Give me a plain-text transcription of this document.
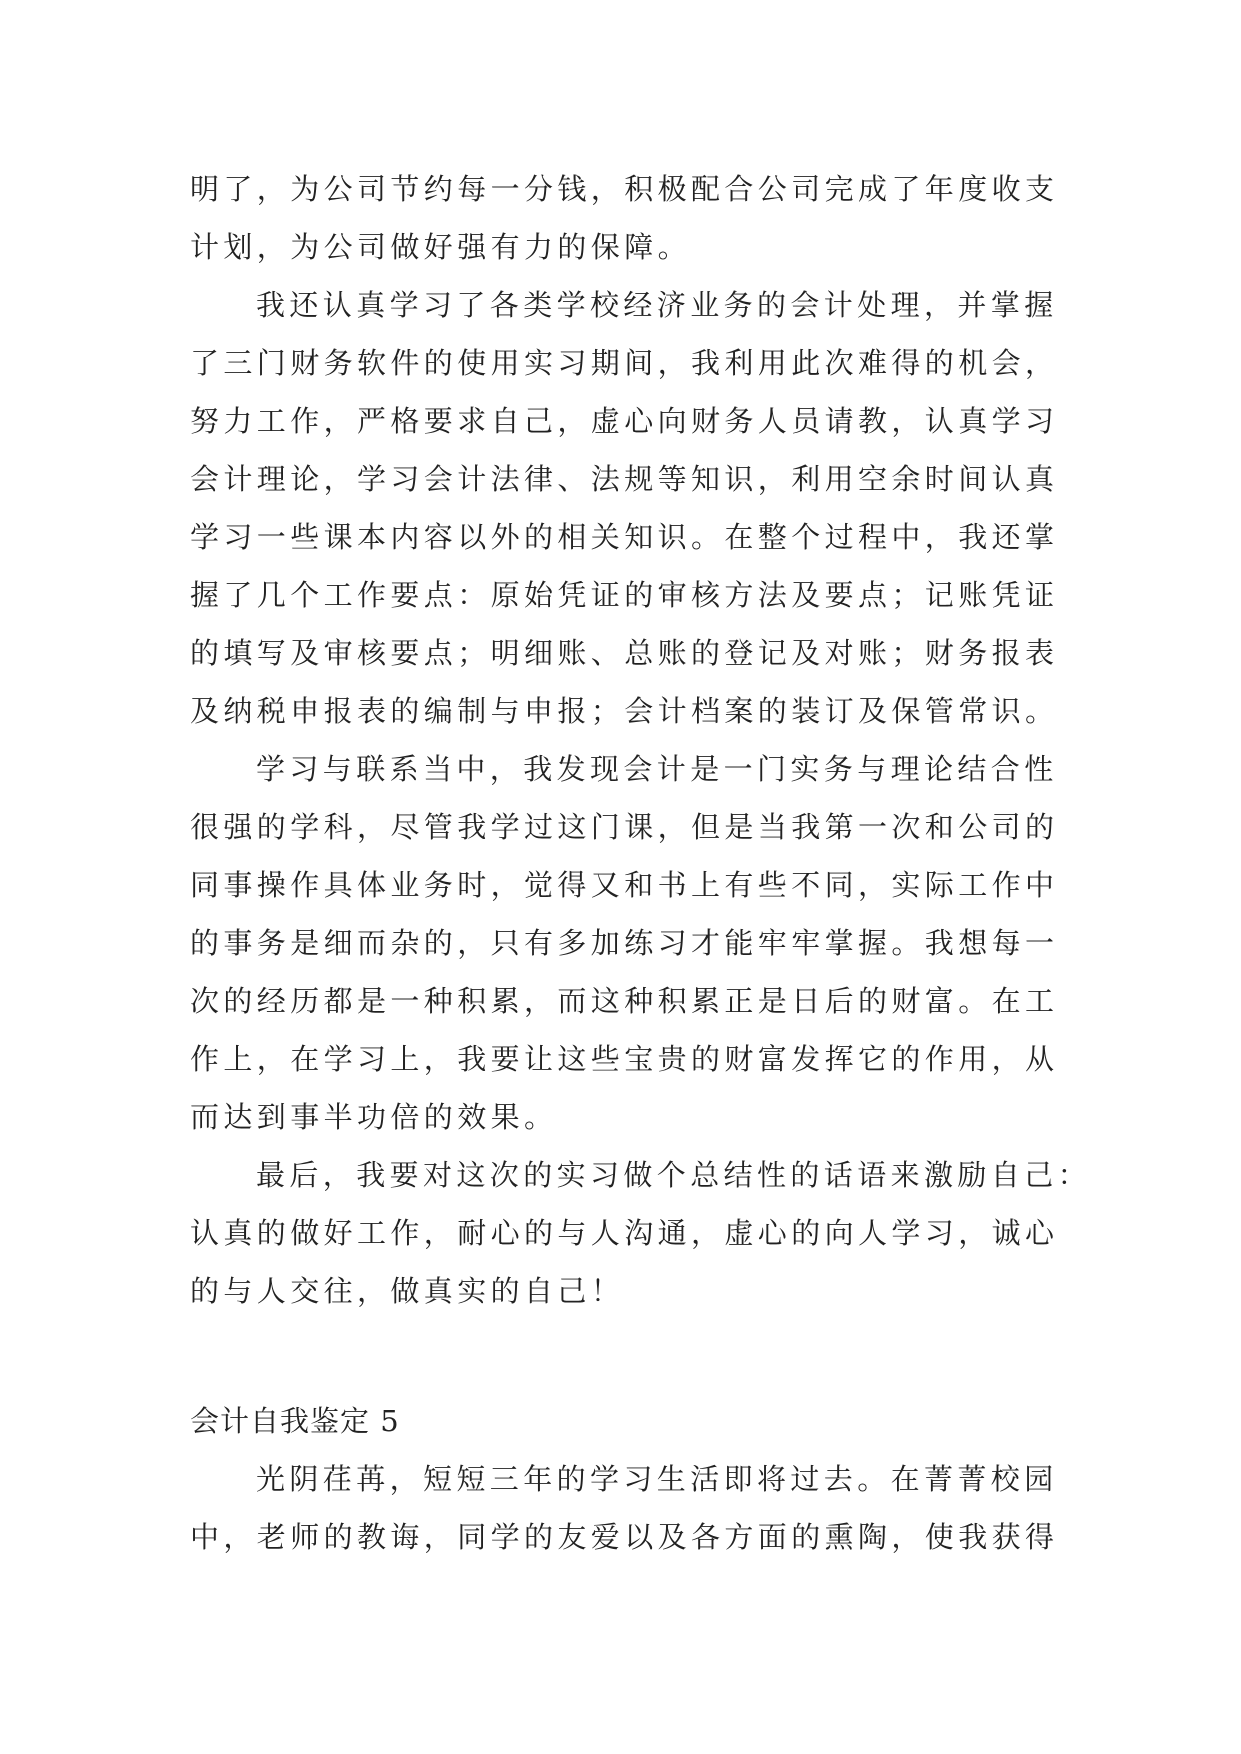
明了，为公司节约每一分钱，积极配合公司完成了年度收支
计划，为公司做好强有力的保障。
我还认真学习了各类学校经济业务的会计处理，并掌握
了三门财务软件的使用实习期间，我利用此次难得的机会，
努力工作，严格要求自己，虚心向财务人员请教，认真学习
会计理论，学习会计法律、法规等知识，利用空余时间认真
学习一些课本内容以外的相关知识。在整个过程中，我还掌
握了几个工作要点：原始凭证的审核方法及要点；记账凭证
的填写及审核要点；明细账、总账的登记及对账；财务报表
及纳税申报表的编制与申报；会计档案的装订及保管常识。
学习与联系当中，我发现会计是一门实务与理论结合性
很强的学科，尽管我学过这门课，但是当我第一次和公司的
同事操作具体业务时，觉得又和书上有些不同，实际工作中
的事务是细而杂的，只有多加练习才能牢牢掌握。我想每一
次的经历都是一种积累，而这种积累正是日后的财富。在工
作上，在学习上，我要让这些宝贵的财富发挥它的作用，从
而达到事半功倍的效果。
最后，我要对这次的实习做个总结性的话语来激励自己：
认真的做好工作，耐心的与人沟通，虚心的向人学习，诚心
的与人交往，做真实的自己！
会计自我鉴定 5
光阴荏苒，短短三年的学习生活即将过去。在菁菁校园
中，老师的教诲，同学的友爱以及各方面的熏陶，使我获得
